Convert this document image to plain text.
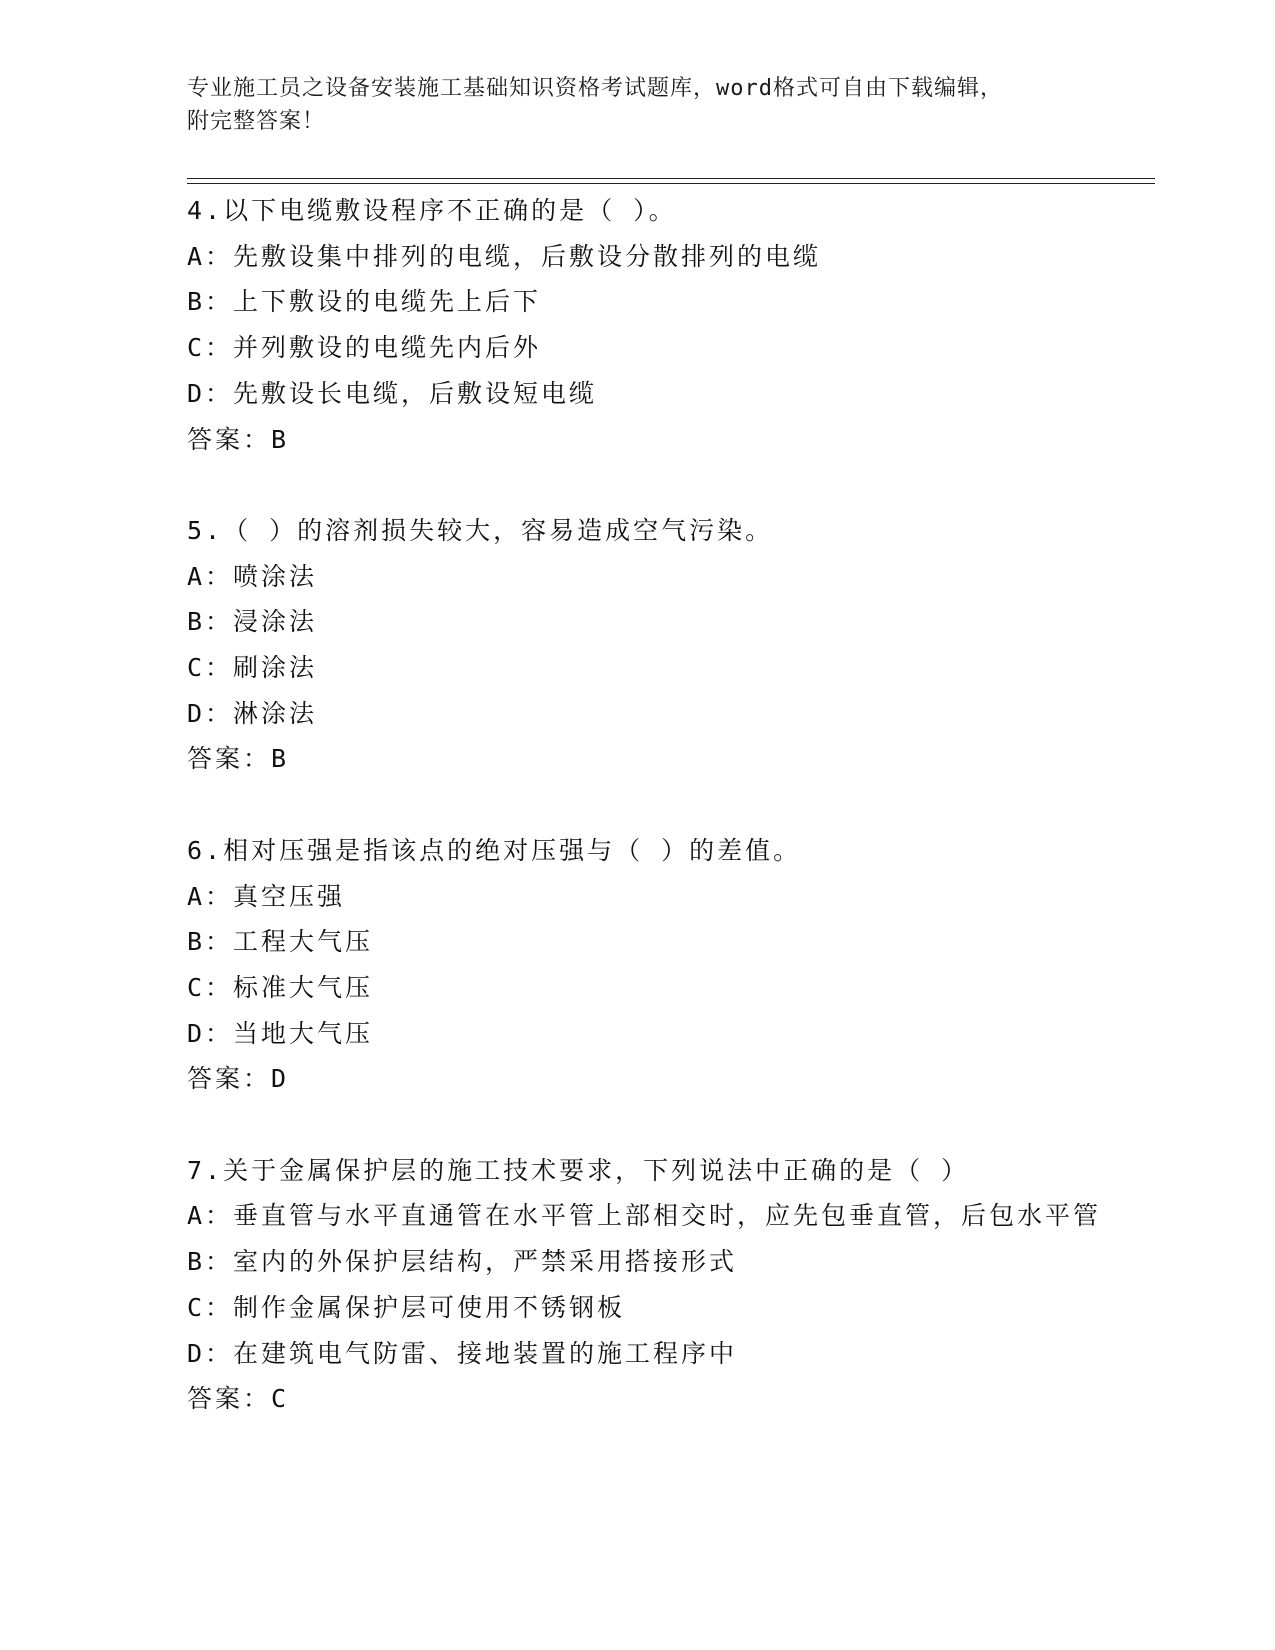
专业施工员之设备安装施工基础知识资格考试题库，word格式可自由下载编辑，
附完整答案！
4.以下电缆敷设程序不正确的是（ ）。
A：先敷设集中排列的电缆，后敷设分散排列的电缆
B：上下敷设的电缆先上后下
C：并列敷设的电缆先内后外
D：先敷设长电缆，后敷设短电缆
答案：B
5.（ ）的溶剂损失较大，容易造成空气污染。
A：喷涂法
B：浸涂法
C：刷涂法
D：淋涂法
答案：B
6.相对压强是指该点的绝对压强与（ ）的差值。
A：真空压强
B：工程大气压
C：标准大气压
D：当地大气压
答案：D
7.关于金属保护层的施工技术要求，下列说法中正确的是（ ）
A：垂直管与水平直通管在水平管上部相交时，应先包垂直管，后包水平管
B：室内的外保护层结构，严禁采用搭接形式
C：制作金属保护层可使用不锈钢板
D：在建筑电气防雷、接地装置的施工程序中
答案：C
